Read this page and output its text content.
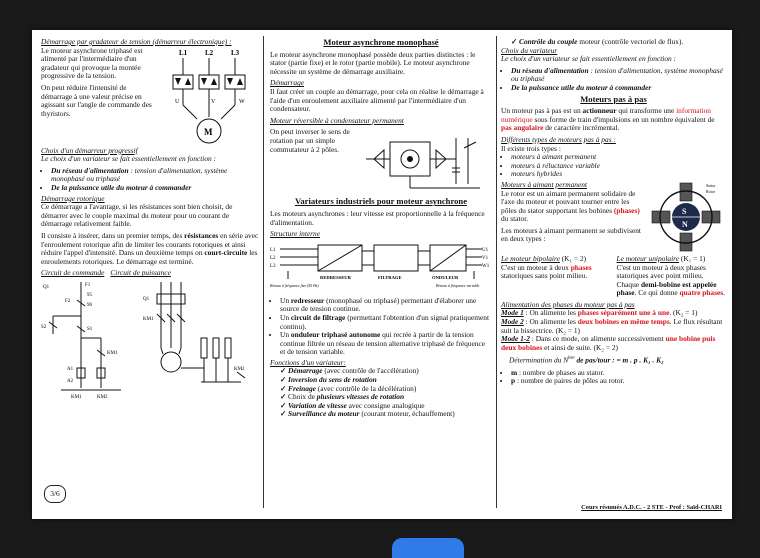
Démarrage par gradateur de tension (démarreur électronique) :

Le moteur asynchrone triphasé est alimenté par l'intermédiaire d'un gradateur qui provoque la montée progressive de la tension.

On peut réduire l'intensité de démarrage à une valeur précise en agissant sur l'angle de commande des thyristors.

L1	L2	L3
U	V	W
M

Choix d'un démarreur progressif

Le choix d'un variateur se fait essentiellement en fonction :

• Du réseau d'alimentation : tension d'alimentation, système monophasé ou triphasé
• De la puissance utile du moteur à commander

Démarrage rotorique

Ce démarrage a l'avantage, si les résistances sont bien choisit, de démarrer avec le couple maximal du moteur pour un courant de démarrage relativement faible.

Il consiste à insérer, dans un premier temps, des résistances en série avec l'enroulement rotorique afin de limiter les courants rotoriques et ainsi réduire l'appel d'intensité. Dans un deuxième temps on court-circuite les enroulements rotoriques. Le démarrage est terminé.

Circuit de commande Circuit de puissance

Q1	F1
95
96
F2
S2	S1
KM1
A1
A2
KM1	KM2
Q1
KM1
KM2
3/6

Moteur asynchrone monophasé

Le moteur asynchrone monophasé possède deux parties distinctes : le stator (partie fixe) et le rotor (partie mobile). Le moteur asynchrone nécessite un système de démarrage auxiliaire.

Démarrage

Il faut créer un couple au démarrage, pour cela on réalise le démarrage à l'aide d'un enroulement auxiliaire alimenté par l'intermédiaire d'un condensateur.

Moteur réversible à condensateur permanent

On peut inverser le sens de rotation par un simple commutateur à 2 pôles.

Variateurs industriels pour moteur asynchrone

Les moteurs asynchrones : leur vitesse est proportionnelle à la fréquence d'alimentation.

Structure interne

L1
L2
L3
U1
V1
W1
REDRESSEUR	FILTRAGE	ONDULEUR
Réseau à fréquence fixe (50 Hz)	Réseau à fréquence variable
• Un redresseur (monophasé ou triphasé) permettant d'élaborer une source de tension continue.
• Un circuit de filtrage (permettant l'obtention d'un signal pratiquement continu).
• Un onduleur triphasé autonome qui recrée à partir de la tension continue filtrée un réseau de tension alternative triphasé de fréquence et de tension variable.

Fonctions d'un variateur:

✓ Démarrage (avec contrôle de l'accélération)
✓ Inversion du sens de rotation
✓ Freinage (avec contrôle de la décélération)
✓ Choix de plusieurs vitesses de rotation
✓ Variation de vitesse avec consigne analogique
✓ Surveillance du moteur (courant moteur, échauffement)
✓ Contrôle du couple moteur (contrôle vectoriel de flux).

Choix du variateur

Le choix d'un variateur se fait essentiellement en fonction :

• Du réseau d'alimentation : tension d'alimentation, système monophasé ou triphasé
• De la puissance utile du moteur à commander

Moteurs pas à pas

Un moteur pas à pas est un actionneur qui transforme une information numérique sous forme de train d'impulsions en un nombre équivalent de pas angulaire de caractère incrémental.

Différents types de moteurs pas à pas :

Il existe trois types :

• moteurs à aimant permanent
• moteurs à réluctance variable
• moteurs hybrides

Moteurs à aimant permanent

Le rotor est un aimant permanent solidaire de l'axe du moteur et pouvant tourner entre les pôles du stator supportant les bobines (phases) du stator.

Les moteurs à aimant permanent se subdivisent en deux types :

S
N
Stator
Rotor

Le moteur bipolaire (K₁ = 2)

C'est un moteur à deux phases statoriques sans point milieu.

Le moteur unipolaire (K₁ = 1)

C'est un moteur à deux phases statoriques avec point milieu. Chaque demi-bobine est appelée phase. Ce qui donne quatre phases.

Alimentation des phases du moteur pas à pas

Mode 1 : On alimente les phases séparément une à une. (K₂ = 1)

Mode 2 : On alimente les deux bobines en même temps. Le flux résultant suit la bissectrice. (K₂ = 1)

Mode 1-2 : Dans ce mode, on alimente successivement une bobine puis deux bobines et ainsi de suite. (K₂ = 2)

Détermination du $N^{bre}$ de pas/tour : = m . p . K₁ . K₂

• m : nombre de phases au stator.
• p : nombre de paires de pôles au rotor.
Cours résumés A.D.C. - 2 STE - Prof : Saïd-CHARI
